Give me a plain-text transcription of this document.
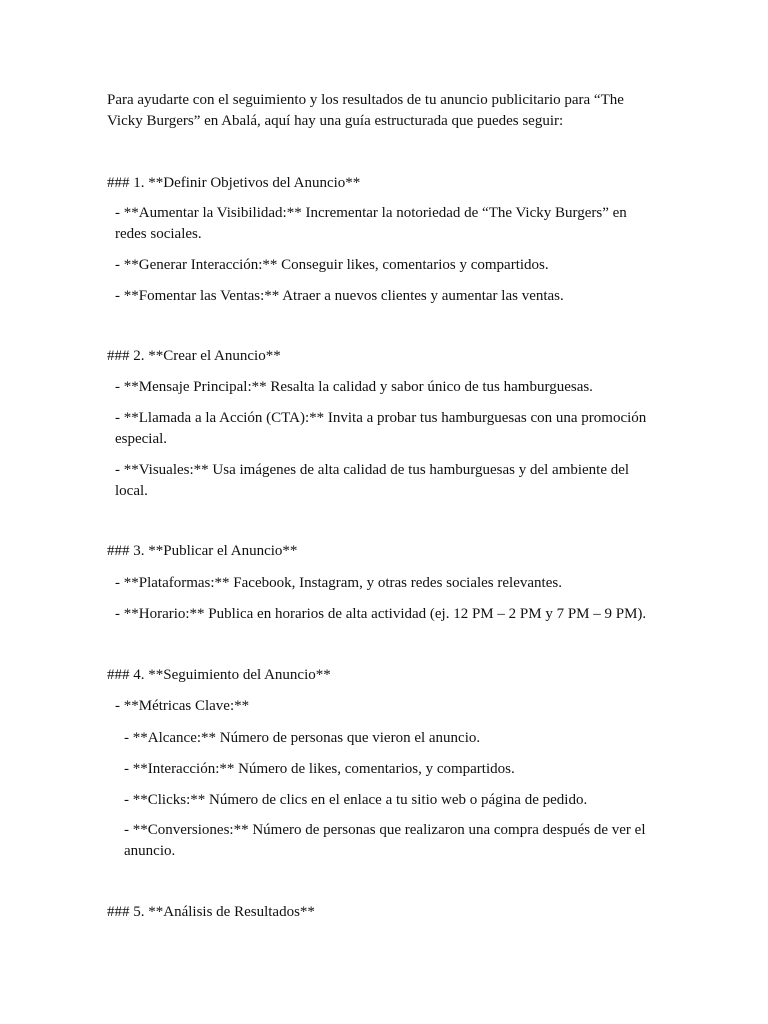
Para ayudarte con el seguimiento y los resultados de tu anuncio publicitario para “The Vicky Burgers” en Abalá, aquí hay una guía estructurada que puedes seguir:

### 1. **Definir Objetivos del Anuncio**

- **Aumentar la Visibilidad:** Incrementar la notoriedad de “The Vicky Burgers” en redes sociales.

- **Generar Interacción:** Conseguir likes, comentarios y compartidos.

- **Fomentar las Ventas:** Atraer a nuevos clientes y aumentar las ventas.

### 2. **Crear el Anuncio**

- **Mensaje Principal:** Resalta la calidad y sabor único de tus hamburguesas.

- **Llamada a la Acción (CTA):** Invita a probar tus hamburguesas con una promoción especial.

- **Visuales:** Usa imágenes de alta calidad de tus hamburguesas y del ambiente del local.

### 3. **Publicar el Anuncio**

- **Plataformas:** Facebook, Instagram, y otras redes sociales relevantes.

- **Horario:** Publica en horarios de alta actividad (ej. 12 PM – 2 PM y 7 PM – 9 PM).

### 4. **Seguimiento del Anuncio**

- **Métricas Clave:**

- **Alcance:** Número de personas que vieron el anuncio.

- **Interacción:** Número de likes, comentarios, y compartidos.

- **Clicks:** Número de clics en el enlace a tu sitio web o página de pedido.

- **Conversiones:** Número de personas que realizaron una compra después de ver el anuncio.

### 5. **Análisis de Resultados**
